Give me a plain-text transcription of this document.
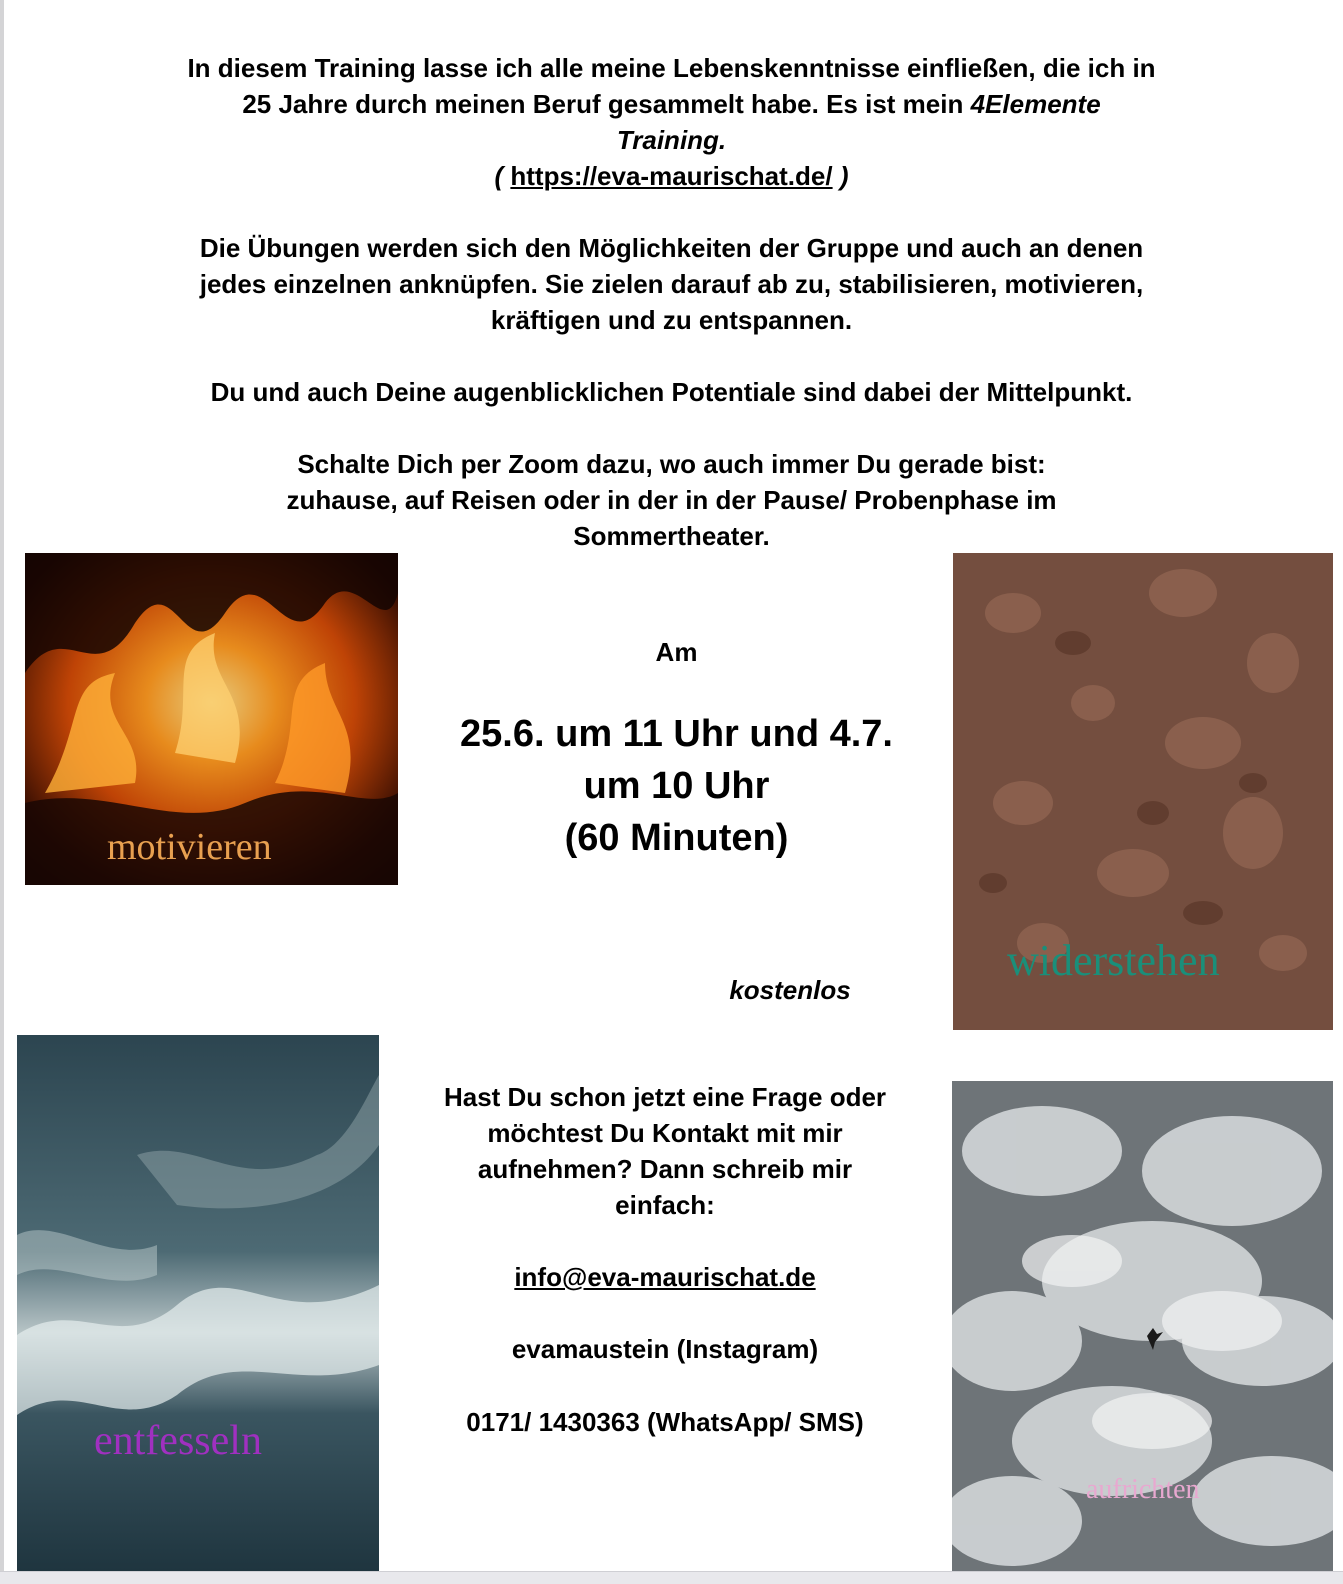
In diesem Training lasse ich alle meine Lebenskenntnisse einfließen, die ich in

25 Jahre durch meinen Beruf gesammelt habe. Es ist mein 4Elemente

Training.

( https://eva-maurischat.de/ )

Die Übungen werden sich den Möglichkeiten der Gruppe und auch an denen

jedes einzelnen anknüpfen. Sie zielen darauf ab zu, stabilisieren, motivieren,

kräftigen und zu entspannen.

Du und auch Deine augenblicklichen Potentiale sind dabei der Mittelpunkt.

Schalte Dich per Zoom dazu, wo auch immer Du gerade bist:

zuhause, auf Reisen oder in der in der Pause/ Probenphase im

Sommertheater.

motivieren
widerstehen
Am
25.6. um 11 Uhr und 4.7.
um 10 Uhr
(60 Minuten)
kostenlos
entfesseln

Hast Du schon jetzt eine Frage oder

möchtest Du Kontakt mit mir

aufnehmen? Dann schreib mir

einfach:

info@eva-maurischat.de
evamaustein (Instagram)
0171/ 1430363 (WhatsApp/ SMS)
aufrichten
